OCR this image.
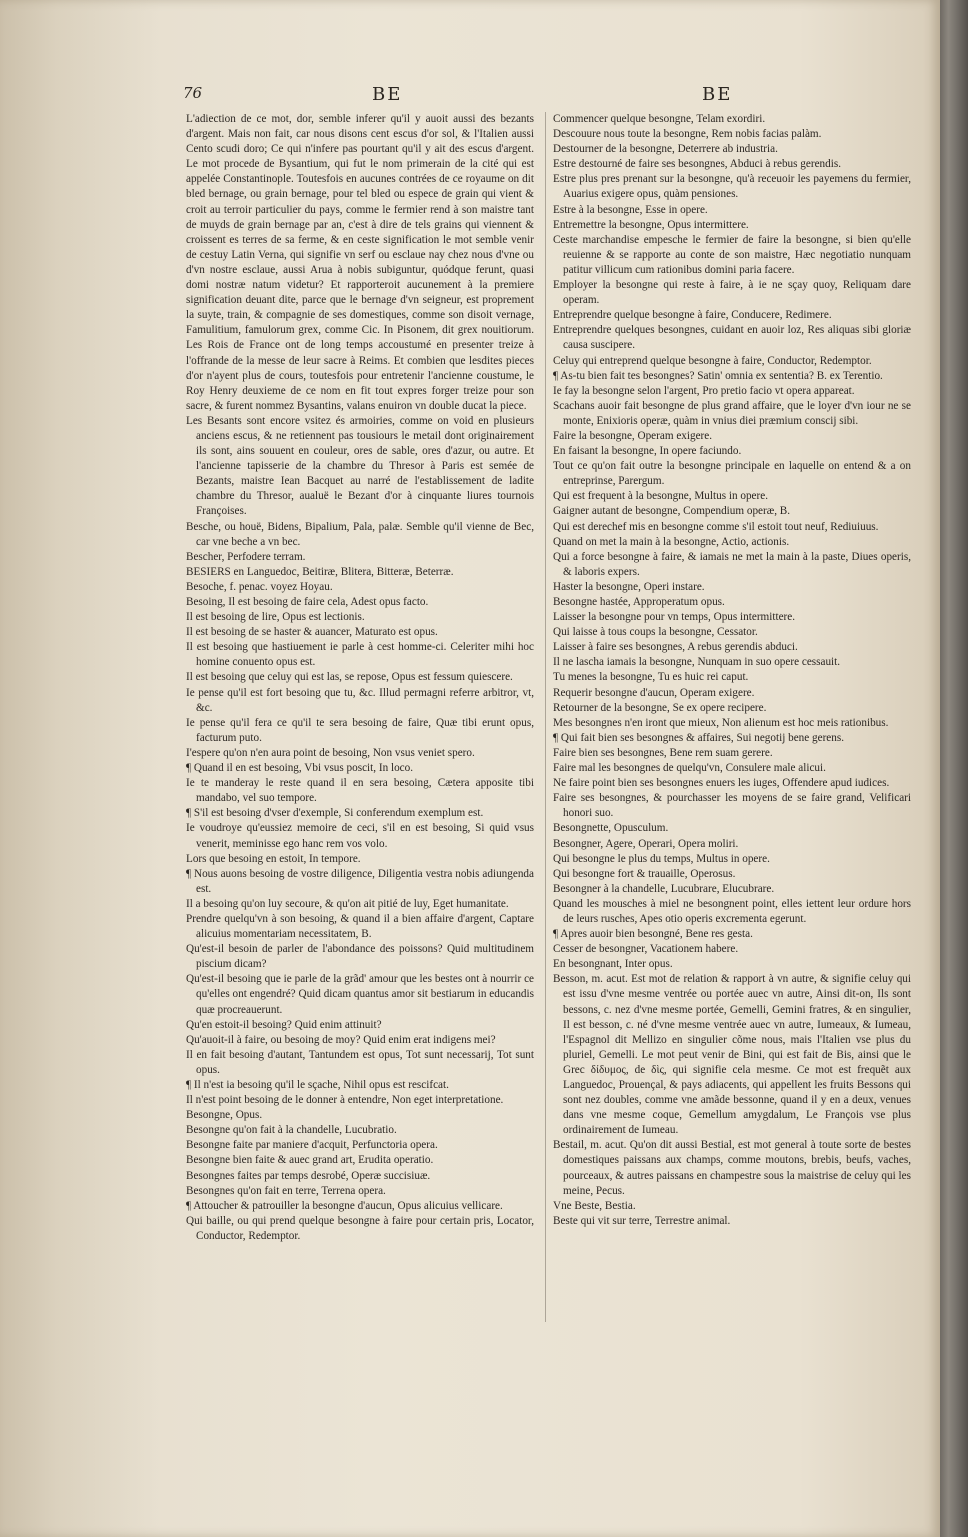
76	BE	BE

L'adiection de ce mot, dor, semble inferer qu'il y auoit aussi des bezants d'argent. Mais non fait, car nous disons cent escus d'or sol, & l'Italien aussi Cento scudi doro; Ce qui n'infere pas pourtant qu'il y ait des escus d'argent. Le mot procede de Bysantium, qui fut le nom primerain de la cité qui est appelée Constantinople. Toutesfois en aucunes contrées de ce royaume on dit bled bernage, ou grain bernage, pour tel bled ou espece de grain qui vient & croit au terroir particulier du pays, comme le fermier rend à son maistre tant de muyds de grain bernage par an, c'est à dire de tels grains qui viennent & croissent es terres de sa ferme, & en ceste signification le mot semble venir de cestuy Latin Verna, qui signifie vn serf ou esclaue nay chez nous d'vne ou d'vn nostre esclaue, aussi Arua à nobis subiguntur, quódque ferunt, quasi domi nostræ natum videtur? Et rapporteroit aucunement à la premiere signification deuant dite, parce que le bernage d'vn seigneur, est proprement la suyte, train, & compagnie de ses domestiques, comme son disoit vernage, Famulitium, famulorum grex, comme Cic. In Pisonem, dit grex nouitiorum. Les Rois de France ont de long temps accoustumé en presenter treize à l'offrande de la messe de leur sacre à Reims. Et combien que lesdites pieces d'or n'ayent plus de cours, toutesfois pour entretenir l'ancienne coustume, le Roy Henry deuxieme de ce nom en fit tout expres forger treize pour son sacre, & furent nommez Bysantins, valans enuiron vn double ducat la piece.

Les Besants sont encore vsitez és armoiries, comme on void en plusieurs anciens escus, & ne retiennent pas tousiours le metail dont originairement ils sont, ains souuent en couleur, ores de sable, ores d'azur, ou autre. Et l'ancienne tapisserie de la chambre du Thresor à Paris est semée de Bezants, maistre Iean Bacquet au narré de l'establissement de ladite chambre du Thresor, aualuë le Bezant d'or à cinquante liures tournois Françoises.

Besche, ou houë, Bidens, Bipalium, Pala, palæ. Semble qu'il vienne de Bec, car vne beche a vn bec.

Bescher, Perfodere terram.

BESIERS en Languedoc, Beitiræ, Blitera, Bitteræ, Beterræ.

Besoche, f. penac. voyez Hoyau.

Besoing, Il est besoing de faire cela, Adest opus facto.

Il est besoing de lire, Opus est lectionis.

Il est besoing de se haster & auancer, Maturato est opus.

Il est besoing que hastiuement ie parle à cest homme-ci. Celeriter mihi hoc homine conuento opus est.

Il est besoing que celuy qui est las, se repose, Opus est fessum quiescere.

Ie pense qu'il est fort besoing que tu, &c. Illud permagni referre arbitror, vt, &c.

Ie pense qu'il fera ce qu'il te sera besoing de faire, Quæ tibi erunt opus, facturum puto.

I'espere qu'on n'en aura point de besoing, Non vsus veniet spero.

¶ Quand il en est besoing, Vbi vsus poscit, In loco.

Ie te manderay le reste quand il en sera besoing, Cætera apposite tibi mandabo, vel suo tempore.

¶ S'il est besoing d'vser d'exemple, Si conferendum exemplum est.

Ie voudroye qu'eussiez memoire de ceci, s'il en est besoing, Si quid vsus venerit, meminisse ego hanc rem vos volo.

Lors que besoing en estoit, In tempore.

¶ Nous auons besoing de vostre diligence, Diligentia vestra nobis adiungenda est.

Il a besoing qu'on luy secoure, & qu'on ait pitié de luy, Eget humanitate.

Prendre quelqu'vn à son besoing, & quand il a bien affaire d'argent, Captare alicuius momentariam necessitatem, B.

Qu'est-il besoin de parler de l'abondance des poissons? Quid multitudinem piscium dicam?

Qu'est-il besoing que ie parle de la grãd' amour que les bestes ont à nourrir ce qu'elles ont engendré? Quid dicam quantus amor sit bestiarum in educandis quæ procreauerunt.

Qu'en estoit-il besoing? Quid enim attinuit?

Qu'auoit-il à faire, ou besoing de moy? Quid enim erat indigens mei?

Il en fait besoing d'autant, Tantundem est opus, Tot sunt necessarij, Tot sunt opus.

¶ Il n'est ia besoing qu'il le sçache, Nihil opus est rescifcat.

Il n'est point besoing de le donner à entendre, Non eget interpretatione.

Besongne, Opus.

Besongne qu'on fait à la chandelle, Lucubratio.

Besongne faite par maniere d'acquit, Perfunctoria opera.

Besongne bien faite & auec grand art, Erudita operatio.

Besongnes faites par temps desrobé, Operæ succisiuæ.

Besongnes qu'on fait en terre, Terrena opera.

¶ Attoucher & patrouiller la besongne d'aucun, Opus alicuius vellicare.

Qui baille, ou qui prend quelque besongne à faire pour certain pris, Locator, Conductor, Redemptor.

Commencer quelque besongne, Telam exordiri.

Descouure nous toute la besongne, Rem nobis facias palàm.

Destourner de la besongne, Deterrere ab industria.

Estre destourné de faire ses besongnes, Abduci à rebus gerendis.

Estre plus pres prenant sur la besongne, qu'à receuoir les payemens du fermier, Auarius exigere opus, quàm pensiones.

Estre à la besongne, Esse in opere.

Entremettre la besongne, Opus intermittere.

Ceste marchandise empesche le fermier de faire la besongne, si bien qu'elle reuienne & se rapporte au conte de son maistre, Hæc negotiatio nunquam patitur villicum cum rationibus domini paria facere.

Employer la besongne qui reste à faire, à ie ne sçay quoy, Reliquam dare operam.

Entreprendre quelque besongne à faire, Conducere, Redimere.

Entreprendre quelques besongnes, cuidant en auoir loz, Res aliquas sibi gloriæ causa suscipere.

Celuy qui entreprend quelque besongne à faire, Conductor, Redemptor.

¶ As-tu bien fait tes besongnes? Satin' omnia ex sententia? B. ex Terentio.

Ie fay la besongne selon l'argent, Pro pretio facio vt opera appareat.

Scachans auoir fait besongne de plus grand affaire, que le loyer d'vn iour ne se monte, Enixioris operæ, quàm in vnius diei præmium conscij sibi.

Faire la besongne, Operam exigere.

En faisant la besongne, In opere faciundo.

Tout ce qu'on fait outre la besongne principale en laquelle on entend & a on entreprinse, Parergum.

Qui est frequent à la besongne, Multus in opere.

Gaigner autant de besongne, Compendium operæ, B.

Qui est derechef mis en besongne comme s'il estoit tout neuf, Rediuiuus.

Quand on met la main à la besongne, Actio, actionis.

Qui a force besongne à faire, & iamais ne met la main à la paste, Diues operis, & laboris expers.

Haster la besongne, Operi instare.

Besongne hastée, Approperatum opus.

Laisser la besongne pour vn temps, Opus intermittere.

Qui laisse à tous coups la besongne, Cessator.

Laisser à faire ses besongnes, A rebus gerendis abduci.

Il ne lascha iamais la besongne, Nunquam in suo opere cessauit.

Tu menes la besongne, Tu es huic rei caput.

Requerir besongne d'aucun, Operam exigere.

Retourner de la besongne, Se ex opere recipere.

Mes besongnes n'en iront que mieux, Non alienum est hoc meis rationibus.

¶ Qui fait bien ses besongnes & affaires, Sui negotij bene gerens.

Faire bien ses besongnes, Bene rem suam gerere.

Faire mal les besongnes de quelqu'vn, Consulere male alicui.

Ne faire point bien ses besongnes enuers les iuges, Offendere apud iudices.

Faire ses besongnes, & pourchasser les moyens de se faire grand, Velificari honori suo.

Besongnette, Opusculum.

Besongner, Agere, Operari, Opera moliri.

Qui besongne le plus du temps, Multus in opere.

Qui besongne fort & trauaille, Operosus.

Besongner à la chandelle, Lucubrare, Elucubrare.

Quand les mousches à miel ne besongnent point, elles iettent leur ordure hors de leurs rusches, Apes otio operis excrementa egerunt.

¶ Apres auoir bien besongné, Bene res gesta.

Cesser de besongner, Vacationem habere.

En besongnant, Inter opus.

Besson, m. acut. Est mot de relation & rapport à vn autre, & signifie celuy qui est issu d'vne mesme ventrée ou portée auec vn autre, Ainsi dit-on, Ils sont bessons, c. nez d'vne mesme portée, Gemelli, Gemini fratres, & en singulier, Il est besson, c. né d'vne mesme ventrée auec vn autre, Iumeaux, & Iumeau, l'Espagnol dit Mellizo en singulier cõme nous, mais l'Italien vse plus du pluriel, Gemelli. Le mot peut venir de Bini, qui est fait de Bis, ainsi que le Grec δίδυμος, de δὶς, qui signifie cela mesme. Ce mot est frequẽt aux Languedoc, Prouençal, & pays adiacents, qui appellent les fruits Bessons qui sont nez doubles, comme vne amãde bessonne, quand il y en a deux, venues dans vne mesme coque, Gemellum amygdalum, Le François vse plus ordinairement de Iumeau.

Bestail, m. acut. Qu'on dit aussi Bestial, est mot general à toute sorte de bestes domestiques paissans aux champs, comme moutons, brebis, beufs, vaches, pourceaux, & autres paissans en champestre sous la maistrise de celuy qui les meine, Pecus.

Vne Beste, Bestia.

Beste qui vit sur terre, Terrestre animal.
